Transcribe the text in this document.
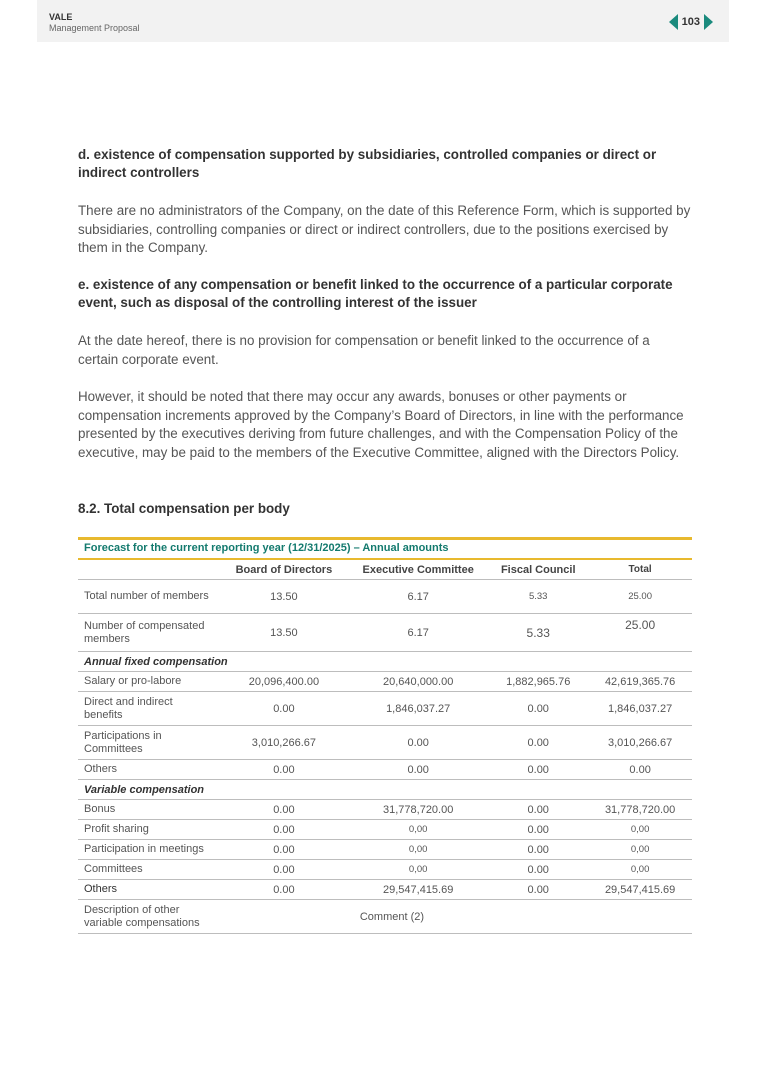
VALE
Management Proposal	103
d. existence of compensation supported by subsidiaries, controlled companies or direct or indirect controllers

There are no administrators of the Company, on the date of this Reference Form, which is supported by subsidiaries, controlling companies or direct or indirect controllers, due to the positions exercised by them in the Company.

e. existence of any compensation or benefit linked to the occurrence of a particular corporate event, such as disposal of the controlling interest of the issuer

At the date hereof, there is no provision for compensation or benefit linked to the occurrence of a certain corporate event.

However, it should be noted that there may occur any awards, bonuses or other payments or compensation increments approved by the Company’s Board of Directors, in line with the performance presented by the executives deriving from future challenges, and with the Compensation Policy of the executive, may be paid to the members of the Executive Committee, aligned with the Directors Policy.

8.2. Total compensation per body
Forecast for the current reporting year (12/31/2025) – Annual amounts
	Board of Directors	Executive Committee	Fiscal Council	Total
Total number of members	13.50	6.17	5.33	25.00
Number of compensated members	13.50	6.17	5.33	25.00
Annual fixed compensation				
Salary or pro-labore	20,096,400.00	20,640,000.00	1,882,965.76	42,619,365.76
Direct and indirect benefits	0.00	1,846,037.27	0.00	1,846,037.27
Participations in Committees	3,010,266.67	0.00	0.00	3,010,266.67
Others	0.00	0.00	0.00	0.00
Variable compensation				
Bonus	0.00	31,778,720.00	0.00	31,778,720.00
Profit sharing	0.00	0,00	0.00	0,00
Participation in meetings	0.00	0,00	0.00	0,00
Committees	0.00	0,00	0.00	0,00
Others	0.00	29,547,415.69	0.00	29,547,415.69
Description of other variable compensations	Comment (2)			
